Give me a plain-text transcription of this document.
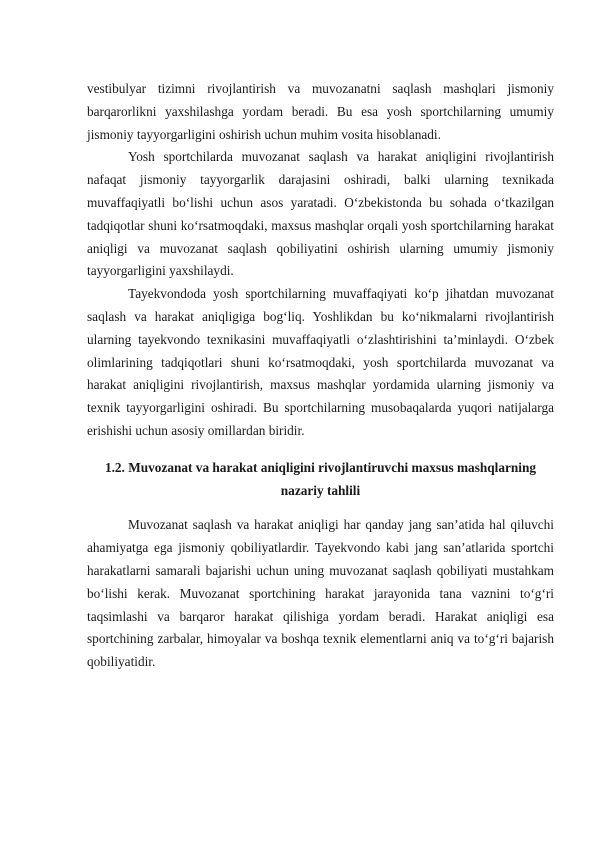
vestibulyar tizimni rivojlantirish va muvozanatni saqlash mashqlari jismoniy barqarorlikni yaxshilashga yordam beradi. Bu esa yosh sportchilarning umumiy jismoniy tayyorgarligini oshirish uchun muhim vosita hisoblanadi.

Yosh sportchilarda muvozanat saqlash va harakat aniqligini rivojlantirish nafaqat jismoniy tayyorgarlik darajasini oshiradi, balki ularning texnikada muvaffaqiyatli bo‘lishi uchun asos yaratadi. O‘zbekistonda bu sohada o‘tkazilgan tadqiqotlar shuni ko‘rsatmoqdaki, maxsus mashqlar orqali yosh sportchilarning harakat aniqligi va muvozanat saqlash qobiliyatini oshirish ularning umumiy jismoniy tayyorgarligini yaxshilaydi.

Tayekvondoda yosh sportchilarning muvaffaqiyati ko‘p jihatdan muvozanat saqlash va harakat aniqligiga bog‘liq. Yoshlikdan bu ko‘nikmalarni rivojlantirish ularning tayekvondo texnikasini muvaffaqiyatli o‘zlashtirishini ta’minlaydi. O‘zbek olimlarining tadqiqotlari shuni ko‘rsatmoqdaki, yosh sportchilarda muvozanat va harakat aniqligini rivojlantirish, maxsus mashqlar yordamida ularning jismoniy va texnik tayyorgarligini oshiradi. Bu sportchilarning musobaqalarda yuqori natijalarga erishishi uchun asosiy omillardan biridir.

1.2. Muvozanat va harakat aniqligini rivojlantiruvchi maxsus mashqlarning nazariy tahlili

Muvozanat saqlash va harakat aniqligi har qanday jang san’atida hal qiluvchi ahamiyatga ega jismoniy qobiliyatlardir. Tayekvondo kabi jang san’atlarida sportchi harakatlarni samarali bajarishi uchun uning muvozanat saqlash qobiliyati mustahkam bo‘lishi kerak. Muvozanat sportchining harakat jarayonida tana vaznini to‘g‘ri taqsimlashi va barqaror harakat qilishiga yordam beradi. Harakat aniqligi esa sportchining zarbalar, himoyalar va boshqa texnik elementlarni aniq va to‘g‘ri bajarish qobiliyatidir.
